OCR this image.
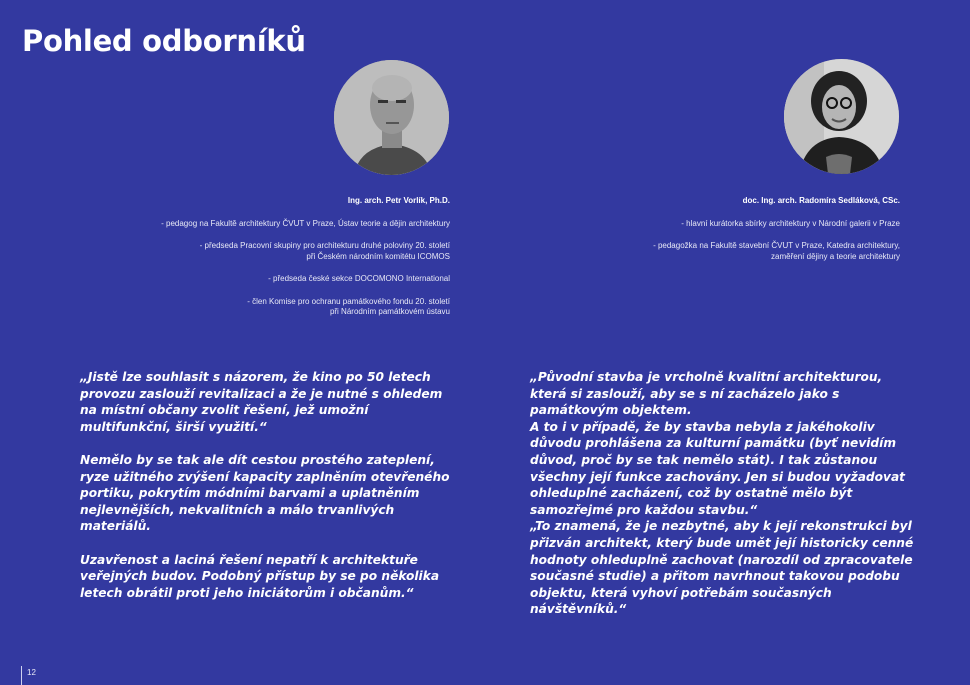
Pohled odborníků
Ing. arch. Petr Vorlík, Ph.D.
- pedagog na Fakultě architektury ČVUT v Praze, Ústav teorie a dějin architektury
- předseda Pracovní skupiny pro architekturu druhé poloviny 20. století
při Českém národním komitétu ICOMOS
- předseda české sekce DOCOMONO International
- člen Komise pro ochranu památkového fondu 20. století
při Národním památkovém ústavu
doc. Ing. arch. Radomíra Sedláková, CSc.
- hlavní kurátorka sbírky architektury v Národní galerii v Praze
- pedagožka na Fakultě stavební ČVUT v Praze, Katedra architektury,
zaměření dějiny a teorie architektury

„Jistě lze souhlasit s názorem, že kino po 50 letech provozu zaslouží revitalizaci a že je nutné s ohledem na místní občany zvolit řešení, jež umožní multifunkční, širší využití.“

Nemělo by se tak ale dít cestou prostého zateplení, ryze užitného zvýšení kapacity zaplněním otevřeného portiku, pokrytím módními barvami a uplatněním nejlevnějších, nekvalitních a málo trvanlivých materiálů.

Uzavřenost a laciná řešení nepatří k architektuře veřejných budov. Podobný přístup by se po několika letech obrátil proti jeho iniciátorům i občanům.“

„Původní stavba je vrcholně kvalitní architekturou, která si zaslouží, aby se s ní zacházelo jako s památkovým objektem.

A to i v případě, že by stavba nebyla z jakéhokoliv důvodu prohlášena za kulturní památku (byť nevidím důvod, proč by se tak nemělo stát). I tak zůstanou všechny její funkce zachovány. Jen si budou vyžadovat ohleduplné zacházení, což by ostatně mělo být samozřejmé pro každou stavbu.“

„To znamená, že je nezbytné, aby k její rekonstrukci byl přizván architekt, který bude umět její historicky cenné hodnoty ohleduplně zachovat (narozdíl od zpracovatele současné studie) a přitom navrhnout takovou podobu objektu, která vyhoví potřebám současných návštěvníků.“

12
